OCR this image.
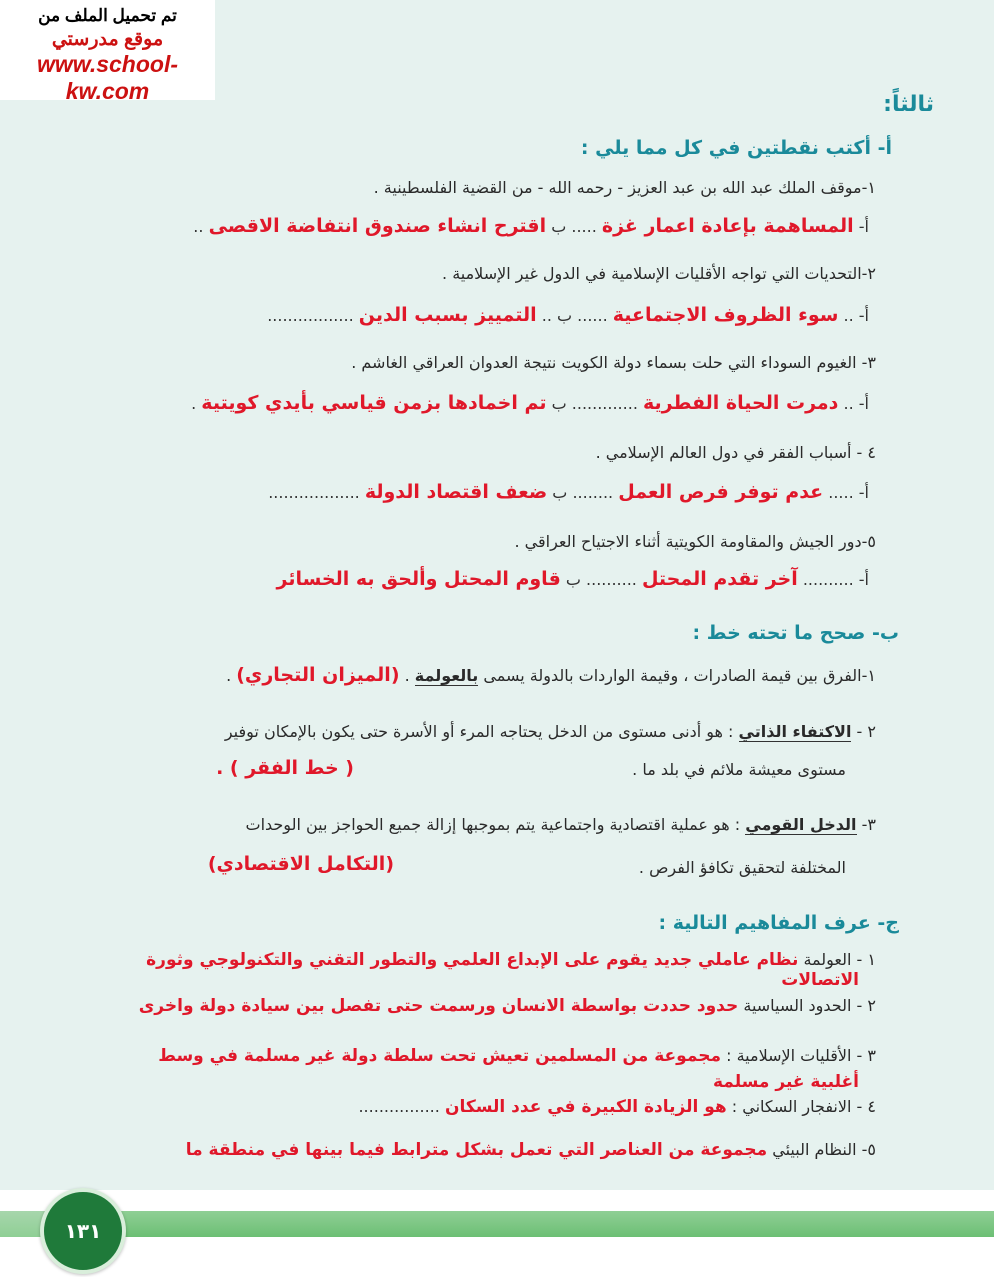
تم تحميل الملف من
موقع مدرستي
www.school-kw.com
ثالثاً:
أ- أكتب نقطتين في كل مما يلي :
١-موقف الملك عبد الله بن عبد العزيز - رحمه الله - من القضية الفلسطينية .
أ- المساهمة بإعادة اعمار غزة ..... ب اقترح انشاء صندوق انتفاضة الاقصى ..
٢-التحديات التي تواجه الأقليات الإسلامية في الدول غير الإسلامية .
أ- .. سوء الظروف الاجتماعية ...... ب .. التمييز بسبب الدين .................
٣- الغيوم السوداء التي حلت بسماء دولة الكويت نتيجة العدوان العراقي الغاشم .
أ- .. دمرت الحياة الفطرية ............. ب تم اخمادها بزمن قياسي بأيدي كويتية .
٤ - أسباب الفقر في دول العالم الإسلامي .
أ- ..... عدم توفر فرص العمل ........ ب ضعف اقتصاد الدولة ..................
٥-دور الجيش والمقاومة الكويتية أثناء الاجتياح العراقي .
أ- .......... آخر تقدم المحتل .......... ب قاوم المحتل وألحق به الخسائر
ب- صحح ما تحته خط :
١-الفرق بين قيمة الصادرات ، وقيمة الواردات بالدولة يسمى بالعولمة . (الميزان التجاري) .
٢ - الاكتفاء الذاتي : هو أدنى مستوى من الدخل يحتاجه المرء أو الأسرة حتى يكون بالإمكان توفير
مستوى معيشة ملائم في بلد ما .
( خط الفقر ) .
٣- الدخل القومي : هو عملية اقتصادية واجتماعية يتم بموجبها إزالة جميع الحواجز بين الوحدات
المختلفة لتحقيق تكافؤ الفرص .
(التكامل الاقتصادي)
ج- عرف المفاهيم التالية :
١ - العولمة نظام عاملي جديد يقوم على الإبداع العلمي والتطور التقني والتكنولوجي وثورة
الاتصالات
٢ - الحدود السياسية حدود حددت بواسطة الانسان ورسمت حتى تفصل بين سيادة دولة واخرى
٣ - الأقليات الإسلامية : مجموعة من المسلمين تعيش تحت سلطة دولة غير مسلمة في وسط
أغلبية غير مسلمة
٤ - الانفجار السكاني : هو الزيادة الكبيرة في عدد السكان ................
٥- النظام البيئي مجموعة من العناصر التي تعمل بشكل مترابط فيما بينها في منطقة ما
١٣١
